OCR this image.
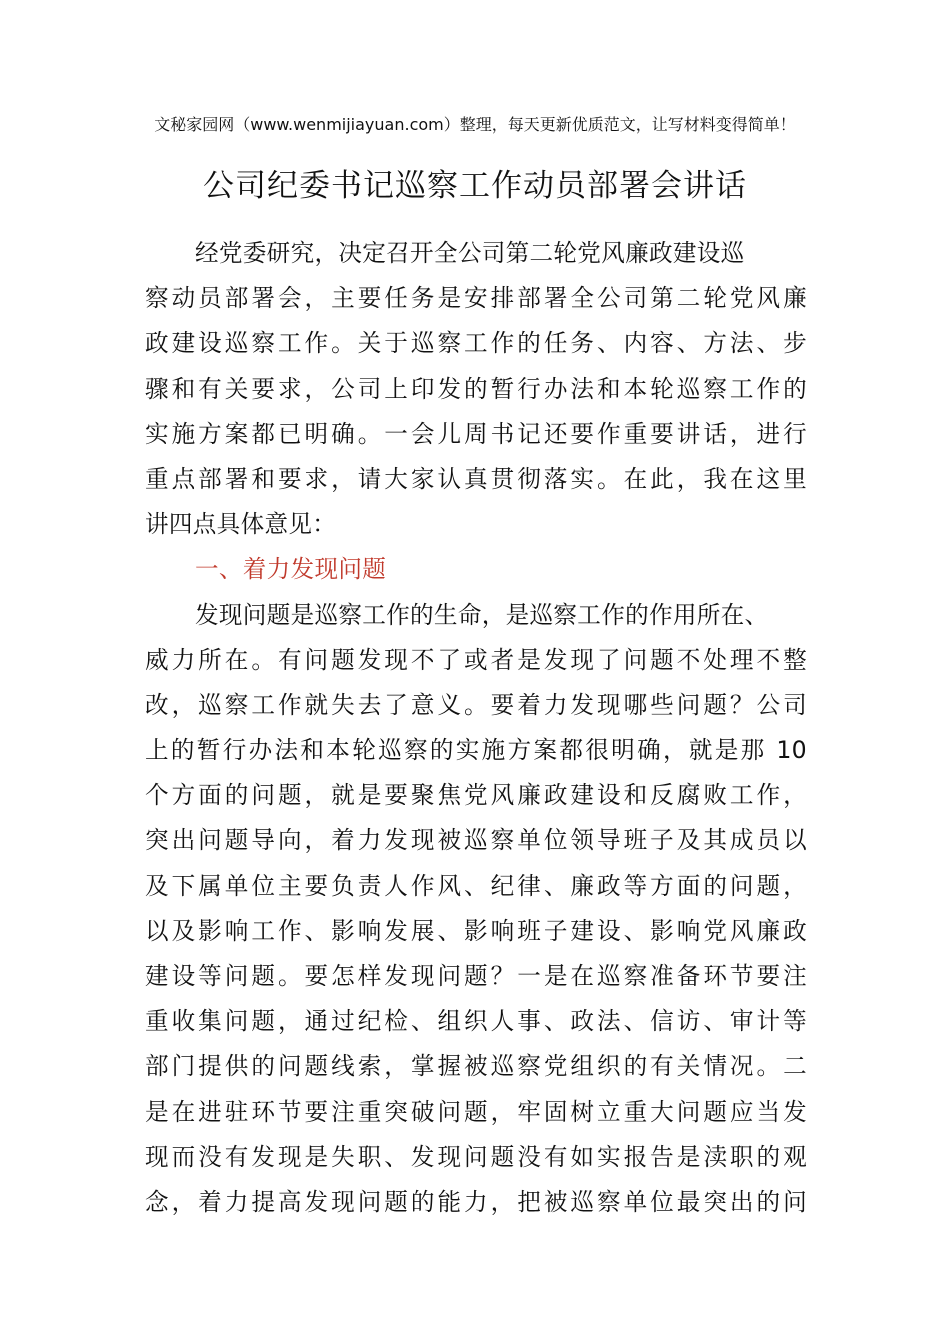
文秘家园网（www.wenmijiayuan.com）整理，每天更新优质范文，让写材料变得简单！
公司纪委书记巡察工作动员部署会讲话
经党委研究，决定召开全公司第二轮党风廉政建设巡
察动员部署会，主要任务是安排部署全公司第二轮党风廉
政建设巡察工作。关于巡察工作的任务、内容、方法、步
骤和有关要求，公司上印发的暂行办法和本轮巡察工作的
实施方案都已明确。一会儿周书记还要作重要讲话，进行
重点部署和要求，请大家认真贯彻落实。在此，我在这里
讲四点具体意见：
一、着力发现问题
发现问题是巡察工作的生命，是巡察工作的作用所在、
威力所在。有问题发现不了或者是发现了问题不处理不整
改，巡察工作就失去了意义。要着力发现哪些问题？公司
上的暂行办法和本轮巡察的实施方案都很明确，就是那 10
个方面的问题，就是要聚焦党风廉政建设和反腐败工作，
突出问题导向，着力发现被巡察单位领导班子及其成员以
及下属单位主要负责人作风、纪律、廉政等方面的问题，
以及影响工作、影响发展、影响班子建设、影响党风廉政
建设等问题。要怎样发现问题？一是在巡察准备环节要注
重收集问题，通过纪检、组织人事、政法、信访、审计等
部门提供的问题线索，掌握被巡察党组织的有关情况。二
是在进驻环节要注重突破问题，牢固树立重大问题应当发
现而没有发现是失职、发现问题没有如实报告是渎职的观
念，着力提高发现问题的能力，把被巡察单位最突出的问
